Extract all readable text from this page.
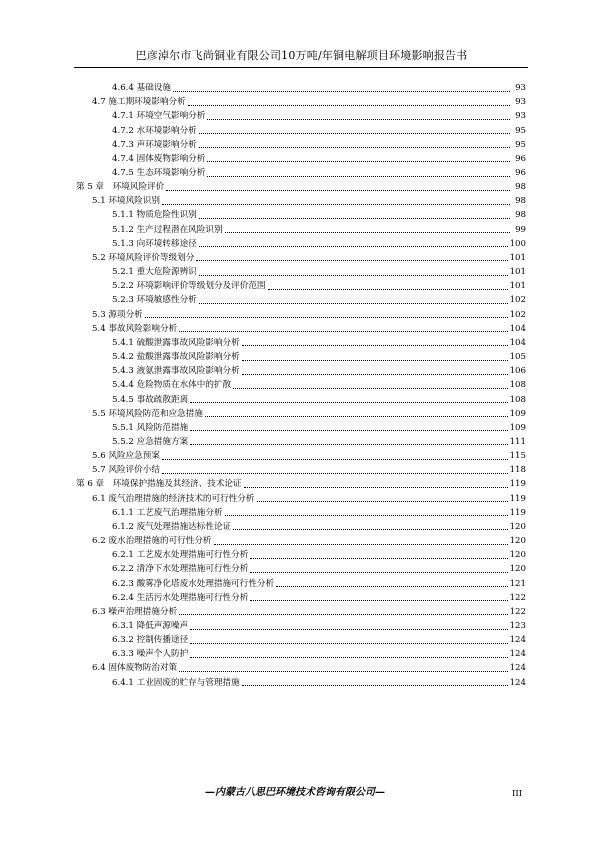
巴彦淖尔市飞尚铜业有限公司10万吨/年铜电解项目环境影响报告书
4.6.4 基础设施	93
4.7 施工期环境影响分析	93
4.7.1 环境空气影响分析	93
4.7.2 水环境影响分析	95
4.7.3 声环境影响分析	95
4.7.4 固体废物影响分析	96
4.7.5 生态环境影响分析	96
第 5 章　环境风险评价	98
5.1 环境风险识别	98
5.1.1 物质危险性识别	98
5.1.2 生产过程潜在风险识别	99
5.1.3 向环境转移途径	100
5.2 环境风险评价等级划分	101
5.2.1 重大危险源辨识	101
5.2.2 环境影响评价等级划分及评价范围	101
5.2.3 环境敏感性分析	102
5.3 源项分析	102
5.4 事故风险影响分析	104
5.4.1 硫酸泄露事故风险影响分析	104
5.4.2 盐酸泄露事故风险影响分析	105
5.4.3 液氨泄露事故风险影响分析	106
5.4.4 危险物质在水体中的扩散	108
5.4.5 事故疏散距离	108
5.5 环境风险防范和应急措施	109
5.5.1 风险防范措施	109
5.5.2 应急措施方案	111
5.6 风险应急预案	115
5.7 风险评价小结	118
第 6 章　环境保护措施及其经济、技术论证	119
6.1 废气治理措施的经济技术的可行性分析	119
6.1.1 工艺废气治理措施分析	119
6.1.2 废气处理措施达标性论证	120
6.2 废水治理措施的可行性分析	120
6.2.1 工艺废水处理措施可行性分析	120
6.2.2 清净下水处理措施可行性分析	120
6.2.3 酸雾净化塔废水处理措施可行性分析	121
6.2.4 生活污水处理措施可行性分析	122
6.3 噪声治理措施分析	122
6.3.1 降低声源噪声	123
6.3.2 控制传播途径	124
6.3.3 噪声个人防护	124
6.4 固体废物防治对策	124
6.4.1 工业固废的贮存与管理措施	124
—内蒙古八思巴环境技术咨询有限公司—	III
